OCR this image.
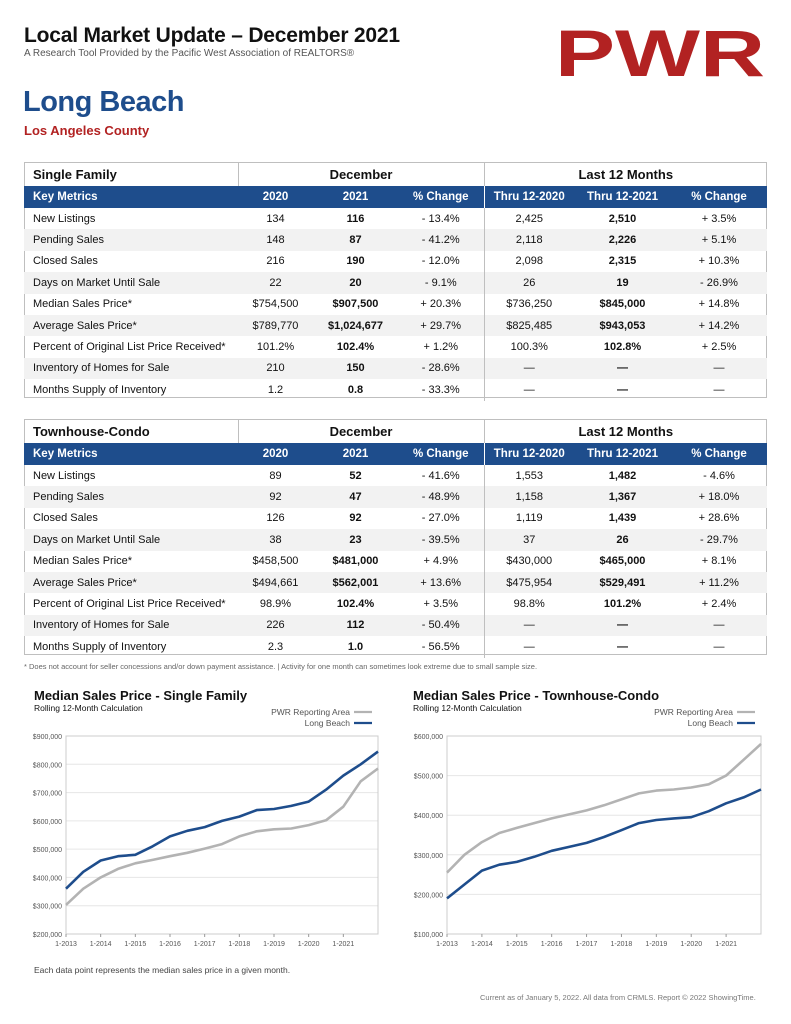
Local Market Update – December 2021
A Research Tool Provided by the Pacific West Association of REALTORS®	PWR
Long Beach
Los Angeles County
Single Family	December			Last 12 Months		
Key Metrics	2020	2021	% Change	Thru 12-2020	Thru 12-2021	% Change
New Listings	134	116	- 13.4%	2,425	2,510	+ 3.5%
Pending Sales	148	87	- 41.2%	2,118	2,226	+ 5.1%
Closed Sales	216	190	- 12.0%	2,098	2,315	+ 10.3%
Days on Market Until Sale	22	20	- 9.1%	26	19	- 26.9%
Median Sales Price*	$754,500	$907,500	+ 20.3%	$736,250	$845,000	+ 14.8%
Average Sales Price*	$789,770	$1,024,677	+ 29.7%	$825,485	$943,053	+ 14.2%
Percent of Original List Price Received*	101.2%	102.4%	+ 1.2%	100.3%	102.8%	+ 2.5%
Inventory of Homes for Sale	210	150	- 28.6%	—	—	—
Months Supply of Inventory	1.2	0.8	- 33.3%	—	—	—
Townhouse-Condo	December			Last 12 Months		
Key Metrics	2020	2021	% Change	Thru 12-2020	Thru 12-2021	% Change
New Listings	89	52	- 41.6%	1,553	1,482	- 4.6%
Pending Sales	92	47	- 48.9%	1,158	1,367	+ 18.0%
Closed Sales	126	92	- 27.0%	1,119	1,439	+ 28.6%
Days on Market Until Sale	38	23	- 39.5%	37	26	- 29.7%
Median Sales Price*	$458,500	$481,000	+ 4.9%	$430,000	$465,000	+ 8.1%
Average Sales Price*	$494,661	$562,001	+ 13.6%	$475,954	$529,491	+ 11.2%
Percent of Original List Price Received*	98.9%	102.4%	+ 3.5%	98.8%	101.2%	+ 2.4%
Inventory of Homes for Sale	226	112	- 50.4%	—	—	—
Months Supply of Inventory	2.3	1.0	- 56.5%	—	—	—
* Does not account for seller concessions and/or down payment assistance. | Activity for one month can sometimes look extreme due to small sample size.
Median Sales Price - Single Family
Rolling 12-Month Calculation	PWR Reporting Area
Long Beach
$200,000
$300,000
$400,000
$500,000
$600,000
$700,000
$800,000
$900,000
1-2013 1-2014 1-2015 1-2016 1-2017 1-2018 1-2019 1-2020 1-2021
Median Sales Price - Townhouse-Condo
Rolling 12-Month Calculation	PWR Reporting Area
Long Beach
$100,000
$200,000
$300,000
$400,000
$500,000
$600,000
1-2013 1-2014 1-2015 1-2016 1-2017 1-2018 1-2019 1-2020 1-2021
Each data point represents the median sales price in a given month.
Current as of January 5, 2022. All data from CRMLS. Report © 2022 ShowingTime.
